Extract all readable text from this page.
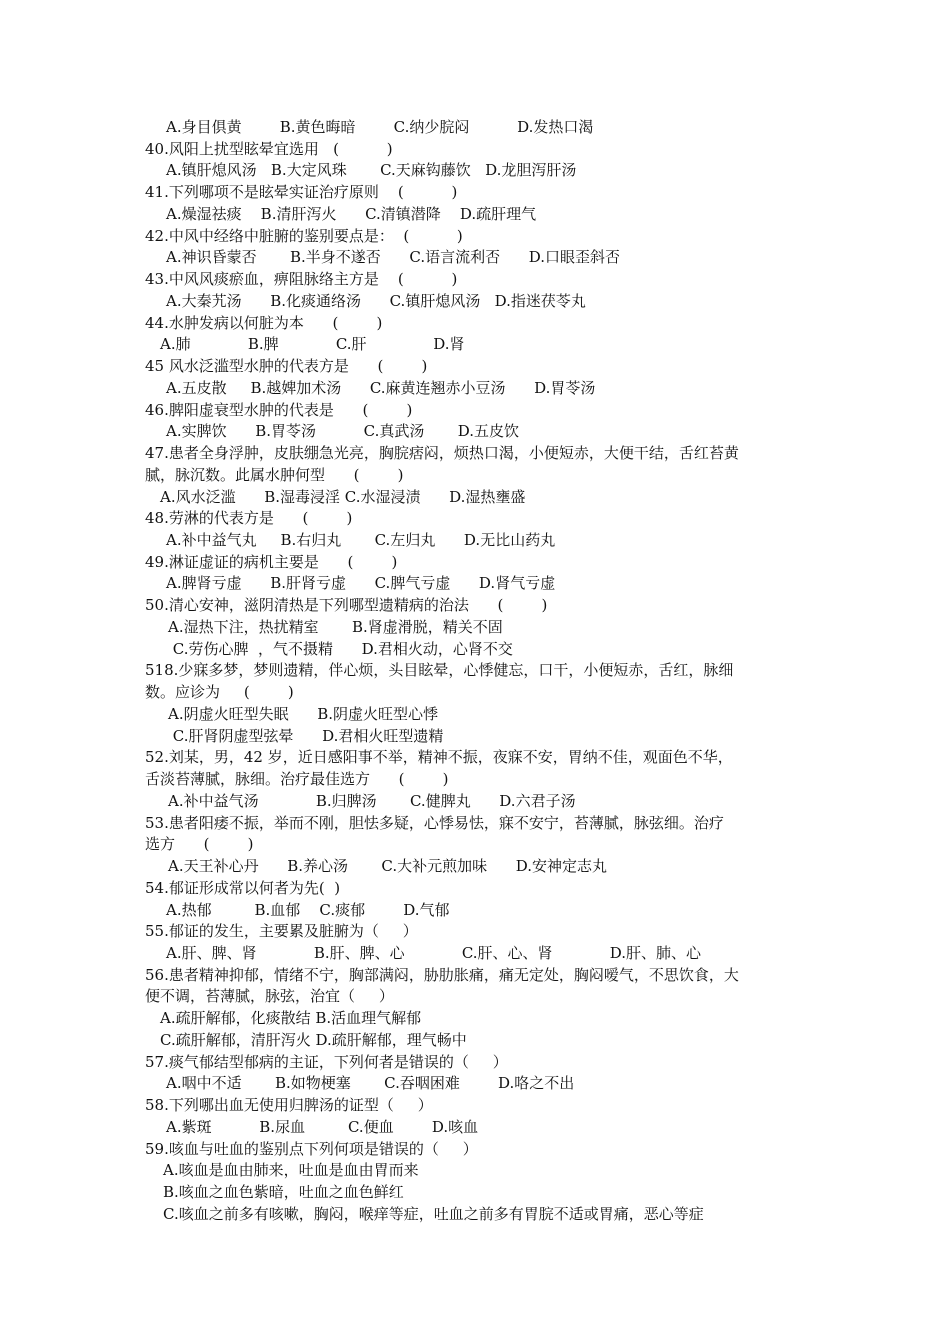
A.身目俱黄        B.黄色晦暗        C.纳少脘闷          D.发热口渴
40.风阳上扰型眩晕宜选用   (          )
A.镇肝熄风汤   B.大定风珠       C.天麻钩藤饮   D.龙胆泻肝汤
41.下列哪项不是眩晕实证治疗原则    (          )
A.燥湿祛痰    B.清肝泻火      C.清镇潜降    D.疏肝理气
42.中风中经络中脏腑的鉴别要点是：  (          )
A.神识昏蒙否       B.半身不遂否      C.语言流利否      D.口眼歪斜否
43.中风风痰瘀血，痹阻脉络主方是    (          )
A.大秦艽汤      B.化痰通络汤      C.镇肝熄风汤   D.指迷茯苓丸
44.水肿发病以何脏为本      (        )
A.肺            B.脾            C.肝              D.肾
45 风水泛滥型水肿的代表方是      (        )
A.五皮散     B.越婢加术汤      C.麻黄连翘赤小豆汤      D.胃苓汤
46.脾阳虚衰型水肿的代表是      (        )
A.实脾饮      B.胃苓汤          C.真武汤       D.五皮饮
47.患者全身浮肿，皮肤绷急光亮，胸脘痞闷，烦热口渴，小便短赤，大便干结，舌红苔黄
腻，脉沉数。此属水肿何型      (        )
A.风水泛滥      B.湿毒浸淫 C.水湿浸渍      D.湿热壅盛
48.劳淋的代表方是      (        )
A.补中益气丸     B.右归丸       C.左归丸      D.无比山药丸
49.淋证虚证的病机主要是      (        )
A.脾肾亏虚      B.肝肾亏虚      C.脾气亏虚      D.肾气亏虚
50.清心安神，滋阴清热是下列哪型遗精病的治法      (        )
A.湿热下注，热扰精室       B.肾虚滑脱，精关不固
C.劳伤心脾  ，气不摄精      D.君相火动，心肾不交
518.少寐多梦，梦则遗精，伴心烦，头目眩晕，心悸健忘，口干，小便短赤，舌红，脉细
数。应诊为     (        )
A.阴虚火旺型失眠      B.阴虚火旺型心悸
C.肝肾阴虚型弦晕      D.君相火旺型遗精
52.刘某，男，42 岁，近日感阳事不举，精神不振，夜寐不安，胃纳不佳，观面色不华，
舌淡苔薄腻，脉细。治疗最佳选方      (        )
A.补中益气汤            B.归脾汤       C.健脾丸      D.六君子汤
53.患者阳痿不振，举而不刚，胆怯多疑，心悸易怯，寐不安宁，苔薄腻，脉弦细。治疗
选方      (        )
A.天王补心丹      B.养心汤       C.大补元煎加味      D.安神定志丸
54.郁证形成常以何者为先(  )
A.热郁         B.血郁    C.痰郁        D.气郁
55.郁证的发生，主要累及脏腑为（     ）
A.肝、脾、肾            B.肝、脾、心            C.肝、心、肾            D.肝、肺、心
56.患者精神抑郁，情绪不宁，胸部满闷，胁肋胀痛，痛无定处，胸闷嗳气，不思饮食，大
便不调，苔薄腻，脉弦，治宜（     ）
A.疏肝解郁，化痰散结 B.活血理气解郁
C.疏肝解郁，清肝泻火 D.疏肝解郁，理气畅中
57.痰气郁结型郁病的主证，下列何者是错误的（     ）
A.咽中不适       B.如物梗塞       C.吞咽困难        D.咯之不出
58.下列哪出血无使用归脾汤的证型（     ）
A.紫斑          B.尿血         C.便血        D.咳血
59.咳血与吐血的鉴别点下列何项是错误的（     ）
A.咳血是血由肺来，吐血是血由胃而来
B.咳血之血色紫暗，吐血之血色鲜红
C.咳血之前多有咳嗽，胸闷，喉痒等症，吐血之前多有胃脘不适或胃痛，恶心等症
